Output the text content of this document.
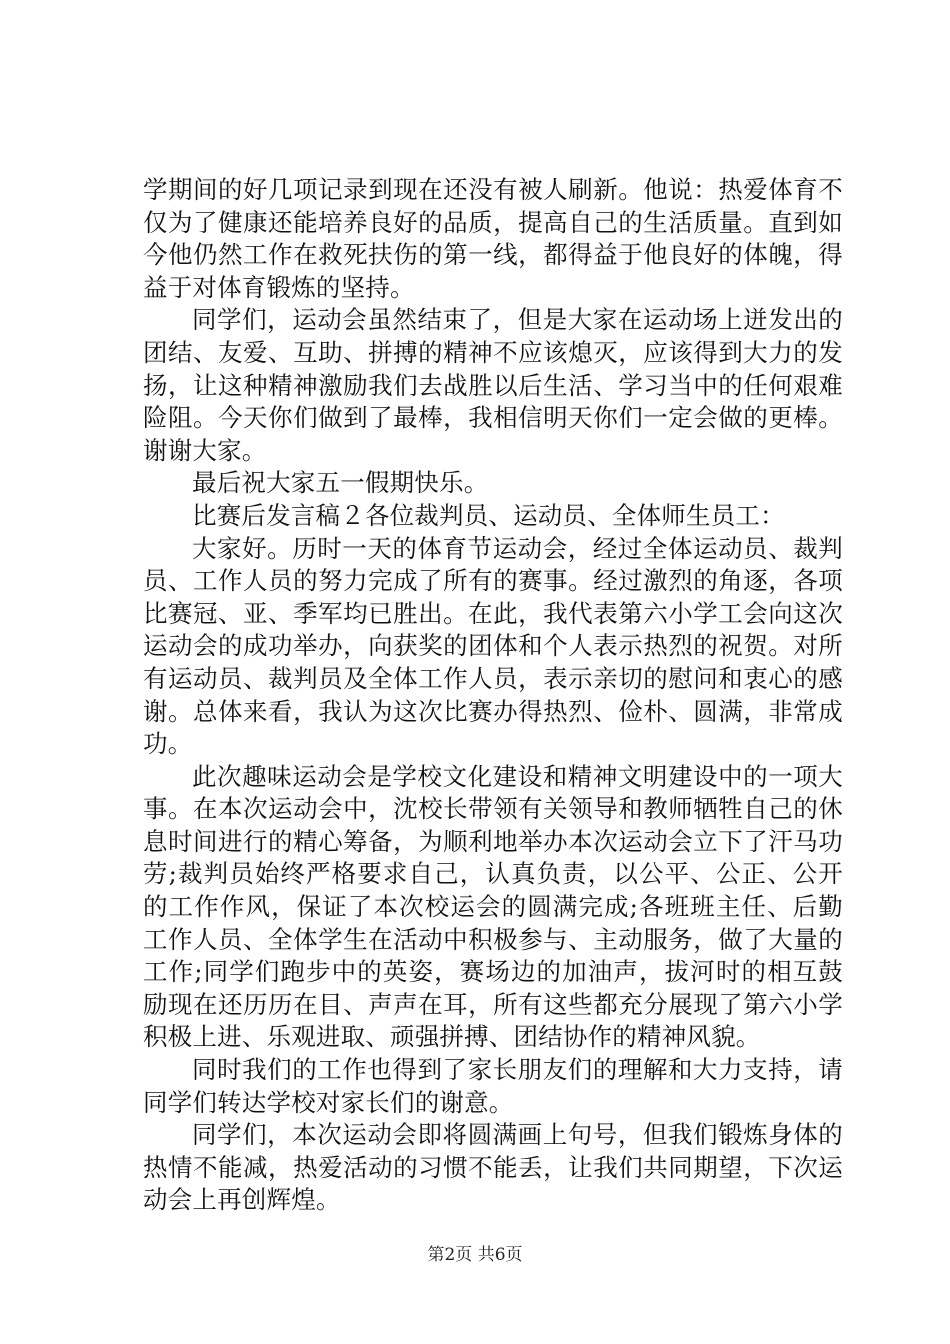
学期间的好几项记录到现在还没有被人刷新。他说：热爱体育不仅为了健康还能培养良好的品质，提高自己的生活质量。直到如今他仍然工作在救死扶伤的第一线，都得益于他良好的体魄，得益于对体育锻炼的坚持。

同学们，运动会虽然结束了，但是大家在运动场上迸发出的团结、友爱、互助、拼搏的精神不应该熄灭，应该得到大力的发扬，让这种精神激励我们去战胜以后生活、学习当中的任何艰难险阻。今天你们做到了最棒，我相信明天你们一定会做的更棒。谢谢大家。

最后祝大家五一假期快乐。

比赛后发言稿２各位裁判员、运动员、全体师生员工：

大家好。历时一天的体育节运动会，经过全体运动员、裁判员、工作人员的努力完成了所有的赛事。经过激烈的角逐，各项比赛冠、亚、季军均已胜出。在此，我代表第六小学工会向这次运动会的成功举办，向获奖的团体和个人表示热烈的祝贺。对所有运动员、裁判员及全体工作人员，表示亲切的慰问和衷心的感谢。总体来看，我认为这次比赛办得热烈、俭朴、圆满，非常成功。

此次趣味运动会是学校文化建设和精神文明建设中的一项大事。在本次运动会中，沈校长带领有关领导和教师牺牲自己的休息时间进行的精心筹备，为顺利地举办本次运动会立下了汗马功劳;裁判员始终严格要求自己，认真负责，以公平、公正、公开的工作作风，保证了本次校运会的圆满完成;各班班主任、后勤工作人员、全体学生在活动中积极参与、主动服务，做了大量的工作;同学们跑步中的英姿，赛场边的加油声，拔河时的相互鼓励现在还历历在目、声声在耳，所有这些都充分展现了第六小学积极上进、乐观进取、顽强拼搏、团结协作的精神风貌。

同时我们的工作也得到了家长朋友们的理解和大力支持，请同学们转达学校对家长们的谢意。

同学们，本次运动会即将圆满画上句号，但我们锻炼身体的热情不能减，热爱活动的习惯不能丢，让我们共同期望，下次运动会上再创辉煌。

第2页 共6页
